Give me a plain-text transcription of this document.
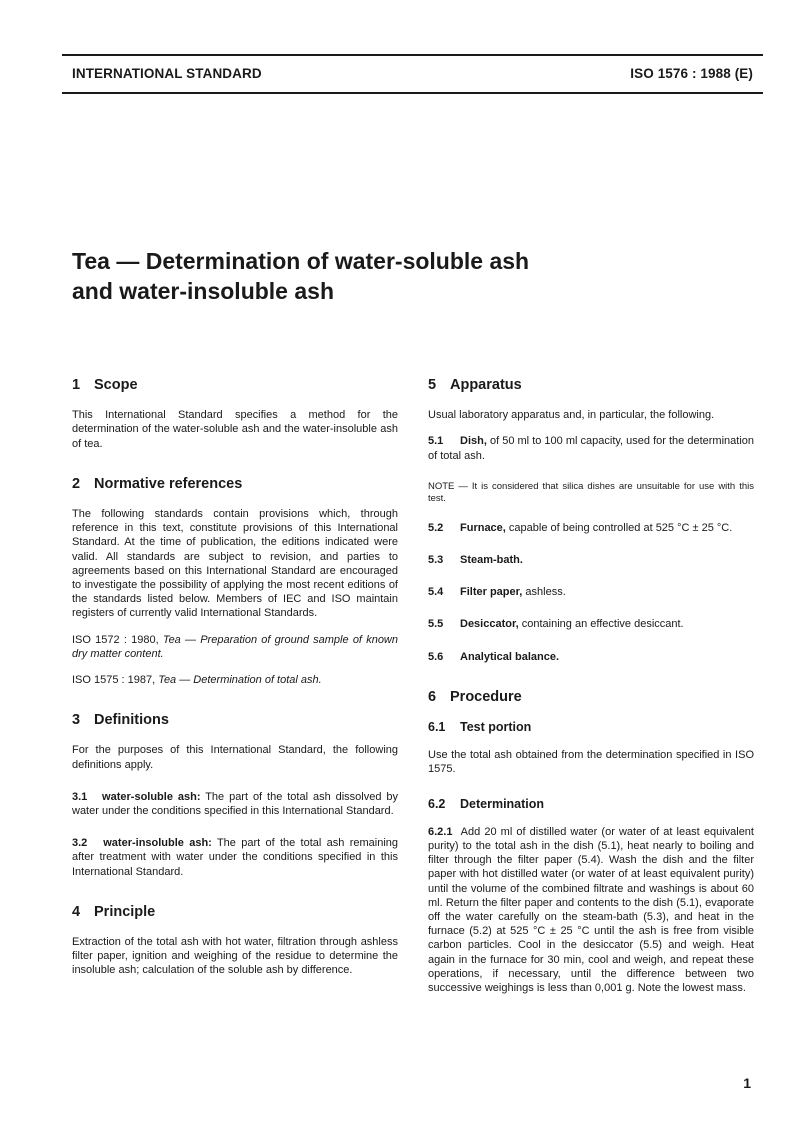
INTERNATIONAL STANDARD	ISO 1576 : 1988 (E)
Tea — Determination of water-soluble ash
and water-insoluble ash
1 Scope

This International Standard specifies a method for the determination of the water-soluble ash and the water-insoluble ash of tea.

2 Normative references

The following standards contain provisions which, through reference in this text, constitute provisions of this International Standard. At the time of publication, the editions indicated were valid. All standards are subject to revision, and parties to agreements based on this International Standard are encouraged to investigate the possibility of applying the most recent editions of the standards listed below. Members of IEC and ISO maintain registers of currently valid International Standards.

ISO 1572 : 1980, Tea — Preparation of ground sample of known dry matter content.

ISO 1575 : 1987, Tea — Determination of total ash.

3 Definitions

For the purposes of this International Standard, the following definitions apply.

3.1 water-soluble ash: The part of the total ash dissolved by water under the conditions specified in this International Standard.

3.2 water-insoluble ash: The part of the total ash remaining after treatment with water under the conditions specified in this International Standard.

4 Principle

Extraction of the total ash with hot water, filtration through ashless filter paper, ignition and weighing of the residue to determine the insoluble ash; calculation of the soluble ash by difference.

5 Apparatus

Usual laboratory apparatus and, in particular, the following.

5.1 Dish, of 50 ml to 100 ml capacity, used for the determination of total ash.

NOTE — It is considered that silica dishes are unsuitable for use with this test.

5.2 Furnace, capable of being controlled at 525 °C ± 25 °C.

5.3 Steam-bath.

5.4 Filter paper, ashless.

5.5 Desiccator, containing an effective desiccant.

5.6 Analytical balance.

6 Procedure
6.1 Test portion

Use the total ash obtained from the determination specified in ISO 1575.

6.2 Determination

6.2.1 Add 20 ml of distilled water (or water of at least equivalent purity) to the total ash in the dish (5.1), heat nearly to boiling and filter through the filter paper (5.4). Wash the dish and the filter paper with hot distilled water (or water of at least equivalent purity) until the volume of the combined filtrate and washings is about 60 ml. Return the filter paper and contents to the dish (5.1), evaporate off the water carefully on the steam-bath (5.3), and heat in the furnace (5.2) at 525 °C ± 25 °C until the ash is free from visible carbon particles. Cool in the desiccator (5.5) and weigh. Heat again in the furnace for 30 min, cool and weigh, and repeat these operations, if necessary, until the difference between two successive weighings is less than 0,001 g. Note the lowest mass.

1
